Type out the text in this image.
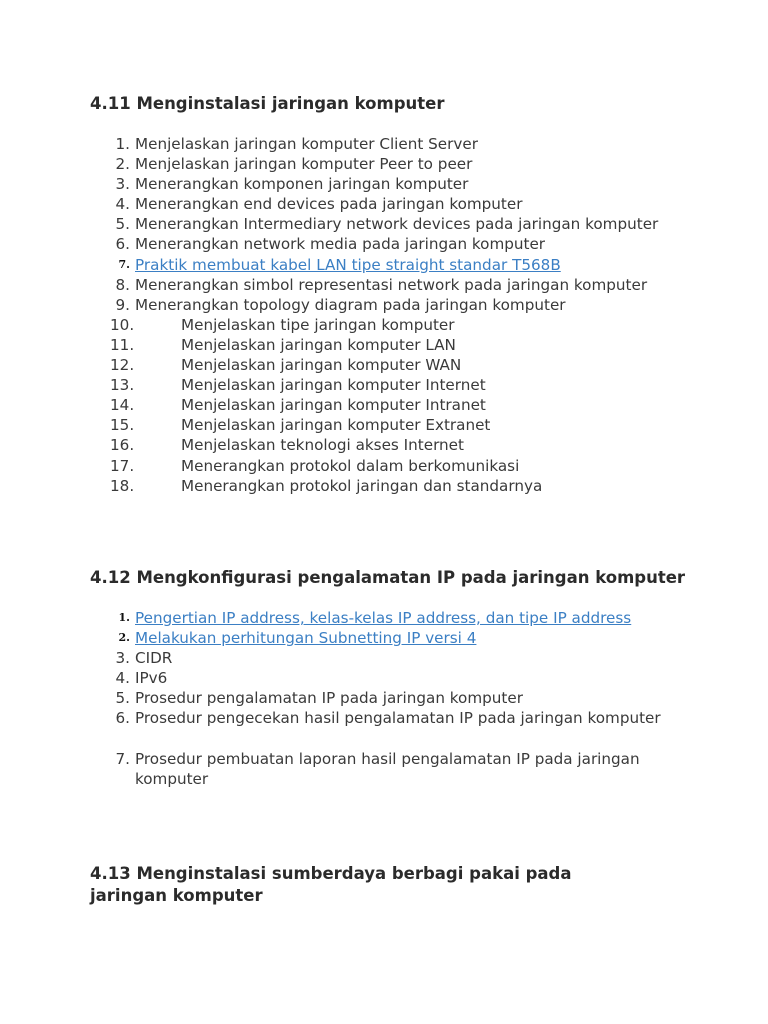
4.11 Menginstalasi jaringan komputer
1. Menjelaskan jaringan komputer Client Server
2. Menjelaskan jaringan komputer Peer to peer
3. Menerangkan komponen jaringan komputer
4. Menerangkan end devices pada jaringan komputer
5. Menerangkan Intermediary network devices pada jaringan komputer
6. Menerangkan network media pada jaringan komputer
7. Praktik membuat kabel LAN tipe straight standar T568B
8. Menerangkan simbol representasi network pada jaringan komputer
9. Menerangkan topology diagram pada jaringan komputer
10.	Menjelaskan tipe jaringan komputer
11.	Menjelaskan jaringan komputer LAN
12.	Menjelaskan jaringan komputer WAN
13.	Menjelaskan jaringan komputer Internet
14.	Menjelaskan jaringan komputer Intranet
15.	Menjelaskan jaringan komputer Extranet
16.	Menjelaskan teknologi akses Internet
17.	Menerangkan protokol dalam berkomunikasi
18.	Menerangkan protokol jaringan dan standarnya
4.12 Mengkonfigurasi pengalamatan IP pada jaringan komputer
1. Pengertian IP address, kelas-kelas IP address, dan tipe IP address
2. Melakukan perhitungan Subnetting IP versi 4
3. CIDR
4. IPv6
5. Prosedur pengalamatan IP pada jaringan komputer
6. Prosedur pengecekan hasil pengalamatan IP pada jaringan komputer
7. Prosedur pembuatan laporan hasil pengalamatan IP pada jaringan komputer
4.13 Menginstalasi sumberdaya berbagi pakai pada jaringan komputer
